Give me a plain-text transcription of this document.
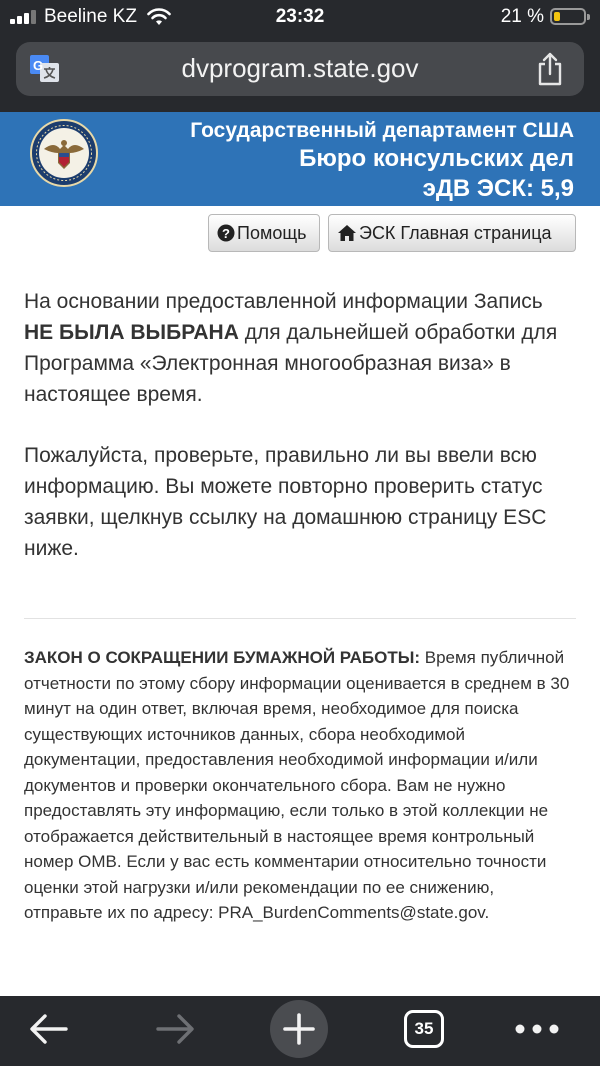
Beeline KZ	23:32	21 %
G	dvprogram.state.gov
Государственный департамент США
Бюро консульских дел
эДВ ЭСК: 5,9
? Помощь	ЭСК Главная страница

На основании предоставленной информации Запись НЕ БЫЛА ВЫБРАНА для дальнейшей обработки для Программа «Электронная многообразная виза» в настоящее время.

Пожалуйста, проверьте, правильно ли вы ввели всю информацию. Вы можете повторно проверить статус заявки, щелкнув ссылку на домашнюю страницу ESC ниже.

ЗАКОН О СОКРАЩЕНИИ БУМАЖНОЙ РАБОТЫ: Время публичной отчетности по этому сбору информации оценивается в среднем в 30 минут на один ответ, включая время, необходимое для поиска существующих источников данных, сбора необходимой документации, предоставления необходимой информации и/или документов и проверки окончательного сбора. Вам не нужно предоставлять эту информацию, если только в этой коллекции не отображается действительный в настоящее время контрольный номер OMB. Если у вас есть комментарии относительно точности оценки этой нагрузки и/или рекомендации по ее снижению, отправьте их по адресу: PRA_BurdenComments@state.gov.

35
